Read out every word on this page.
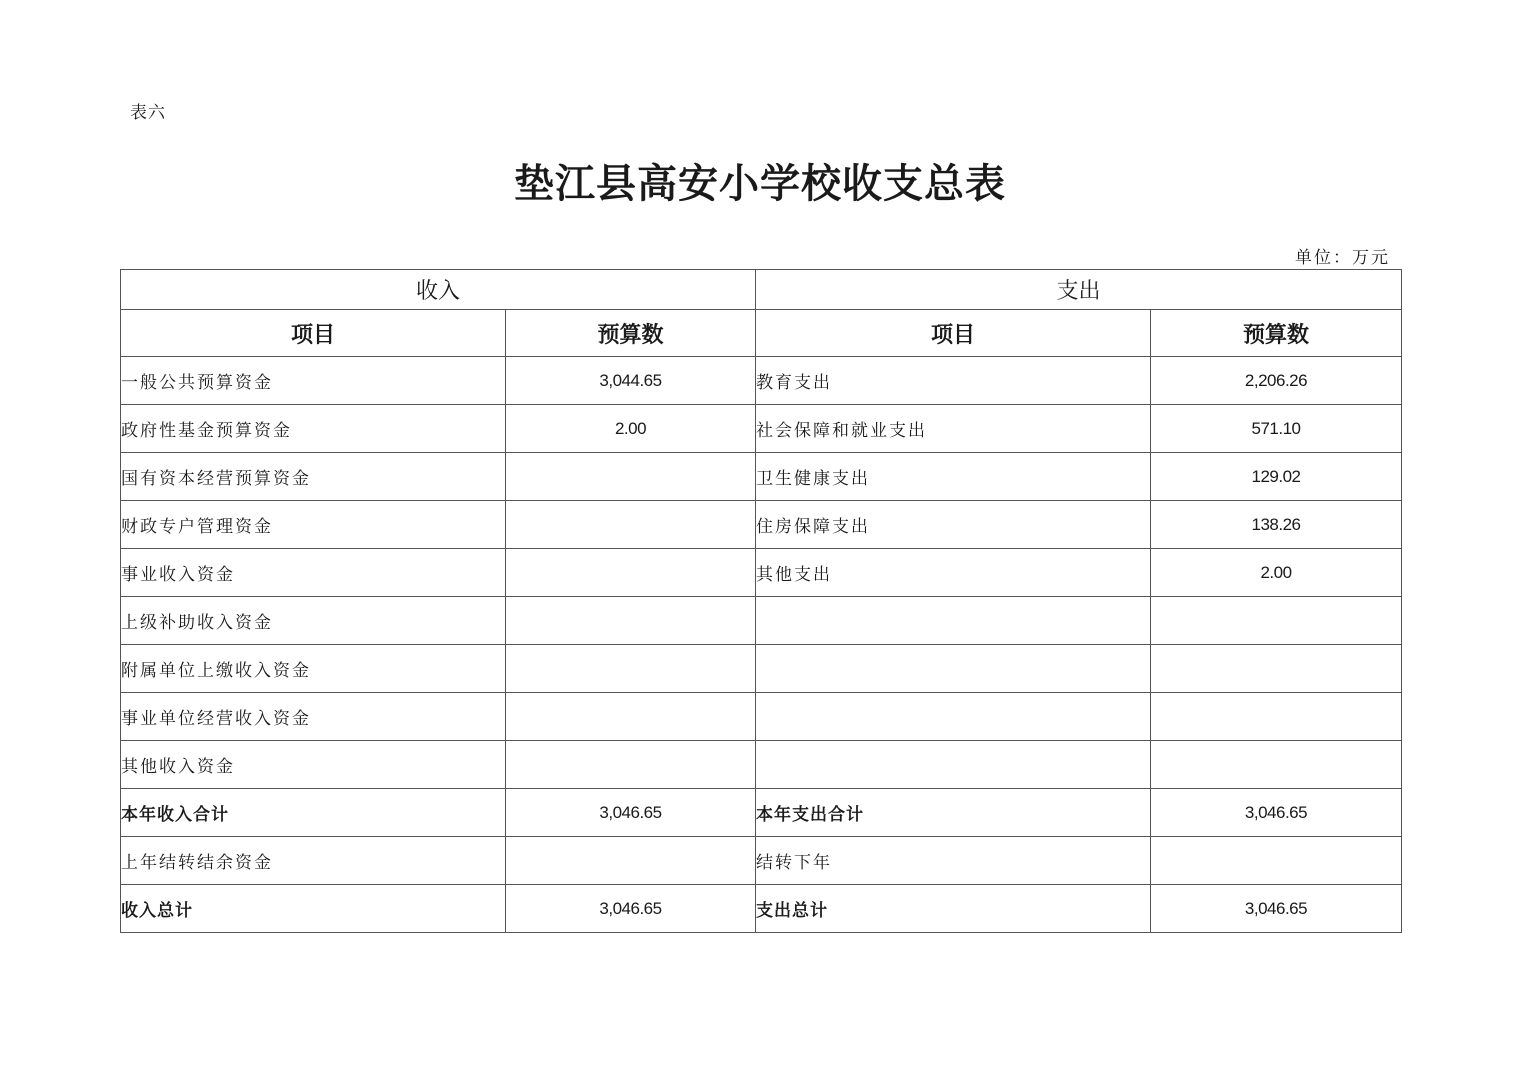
表六
垫江县高安小学校收支总表
单位：万元
收入		支出	
项目	预算数	项目	预算数
一般公共预算资金	3,044.65	教育支出	2,206.26
政府性基金预算资金	2.00	社会保障和就业支出	571.10
国有资本经营预算资金		卫生健康支出	129.02
财政专户管理资金		住房保障支出	138.26
事业收入资金		其他支出	2.00
上级补助收入资金			
附属单位上缴收入资金			
事业单位经营收入资金			
其他收入资金			
本年收入合计	3,046.65	本年支出合计	3,046.65
上年结转结余资金		结转下年	
收入总计	3,046.65	支出总计	3,046.65
